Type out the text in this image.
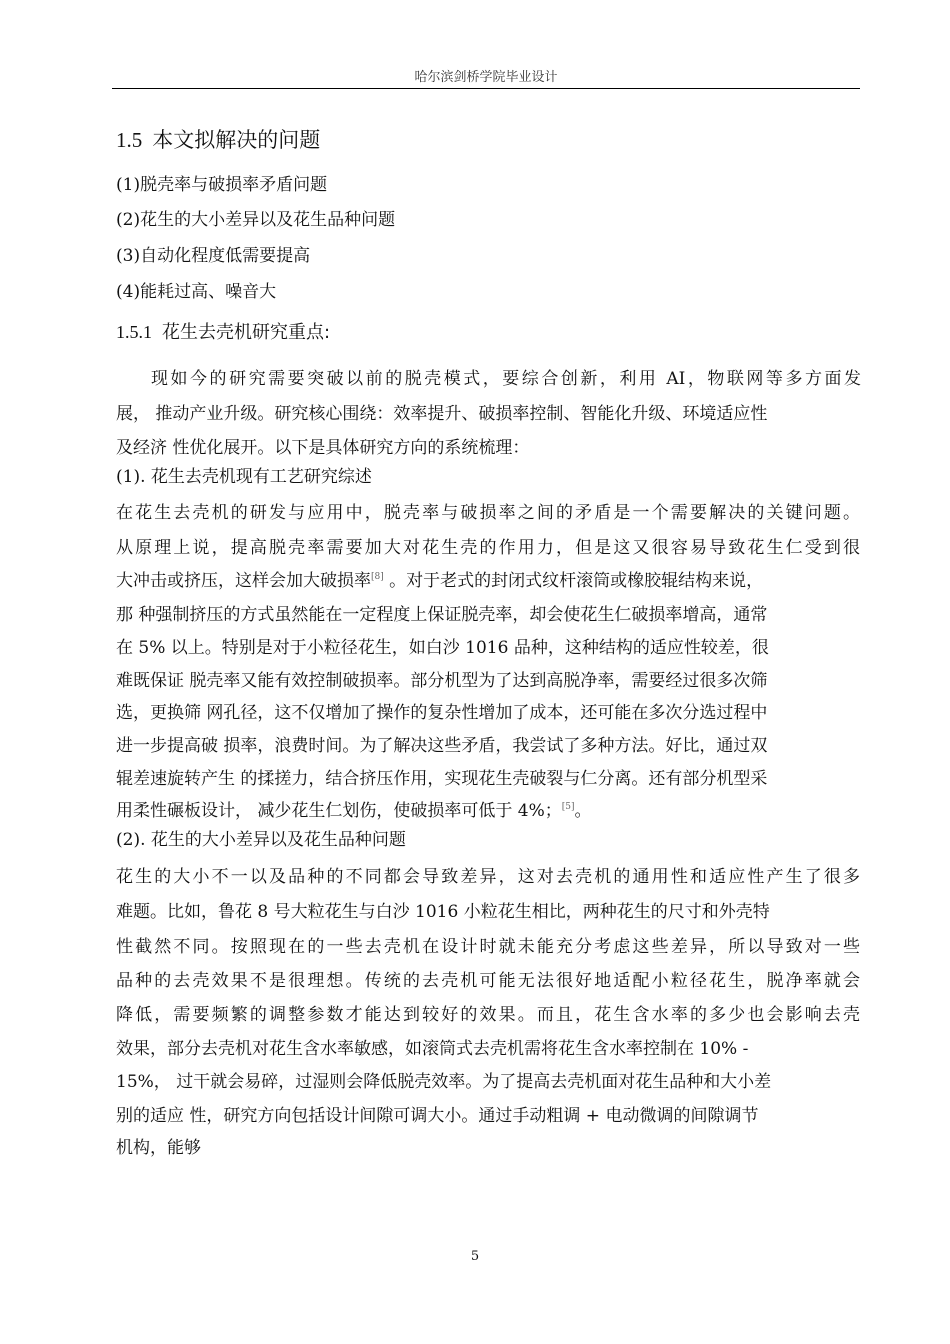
哈尔滨剑桥学院毕业设计
1.5 本文拟解决的问题
(1)脱壳率与破损率矛盾问题
(2)花生的大小差异以及花生品种问题
(3)自动化程度低需要提高
(4)能耗过高、噪音大
1.5.1 花生去壳机研究重点:
现如今的研究需要突破以前的脱壳模式，要综合创新，利用 AI，物联网等多方面发
展， 推动产业升级。研究核心围绕：效率提升、破损率控制、智能化升级、环境适应性
及经济 性优化展开。以下是具体研究方向的系统梳理：
(1). 花生去壳机现有工艺研究综述
在花生去壳机的研发与应用中，脱壳率与破损率之间的矛盾是一个需要解决的关键问题。
从原理上说，提高脱壳率需要加大对花生壳的作用力，但是这又很容易导致花生仁受到很
大冲击或挤压，这样会加大破损率[8] 。对于老式的封闭式纹杆滚筒或橡胶辊结构来说，
那 种强制挤压的方式虽然能在一定程度上保证脱壳率，却会使花生仁破损率增高，通常
在 5% 以上。特别是对于小粒径花生，如白沙 1016 品种，这种结构的适应性较差，很
难既保证 脱壳率又能有效控制破损率。部分机型为了达到高脱净率，需要经过很多次筛
选，更换筛 网孔径，这不仅增加了操作的复杂性增加了成本，还可能在多次分选过程中
进一步提高破 损率，浪费时间。为了解决这些矛盾，我尝试了多种方法。好比，通过双
辊差速旋转产生 的揉搓力，结合挤压作用，实现花生壳破裂与仁分离。还有部分机型采
用柔性碾板设计， 减少花生仁划伤，使破损率可低于 4%；[5]。
(2). 花生的大小差异以及花生品种问题
花生的大小不一以及品种的不同都会导致差异，这对去壳机的通用性和适应性产生了很多
难题。比如，鲁花 8 号大粒花生与白沙 1016 小粒花生相比，两种花生的尺寸和外壳特
性截然不同。按照现在的一些去壳机在设计时就未能充分考虑这些差异，所以导致对一些
品种的去壳效果不是很理想。传统的去壳机可能无法很好地适配小粒径花生，脱净率就会
降低，需要频繁的调整参数才能达到较好的效果。而且，花生含水率的多少也会影响去壳
效果，部分去壳机对花生含水率敏感，如滚筒式去壳机需将花生含水率控制在 10% -
15%， 过干就会易碎，过湿则会降低脱壳效率。为了提高去壳机面对花生品种和大小差
别的适应 性，研究方向包括设计间隙可调大小。通过手动粗调 + 电动微调的间隙调节
机构，能够
5
